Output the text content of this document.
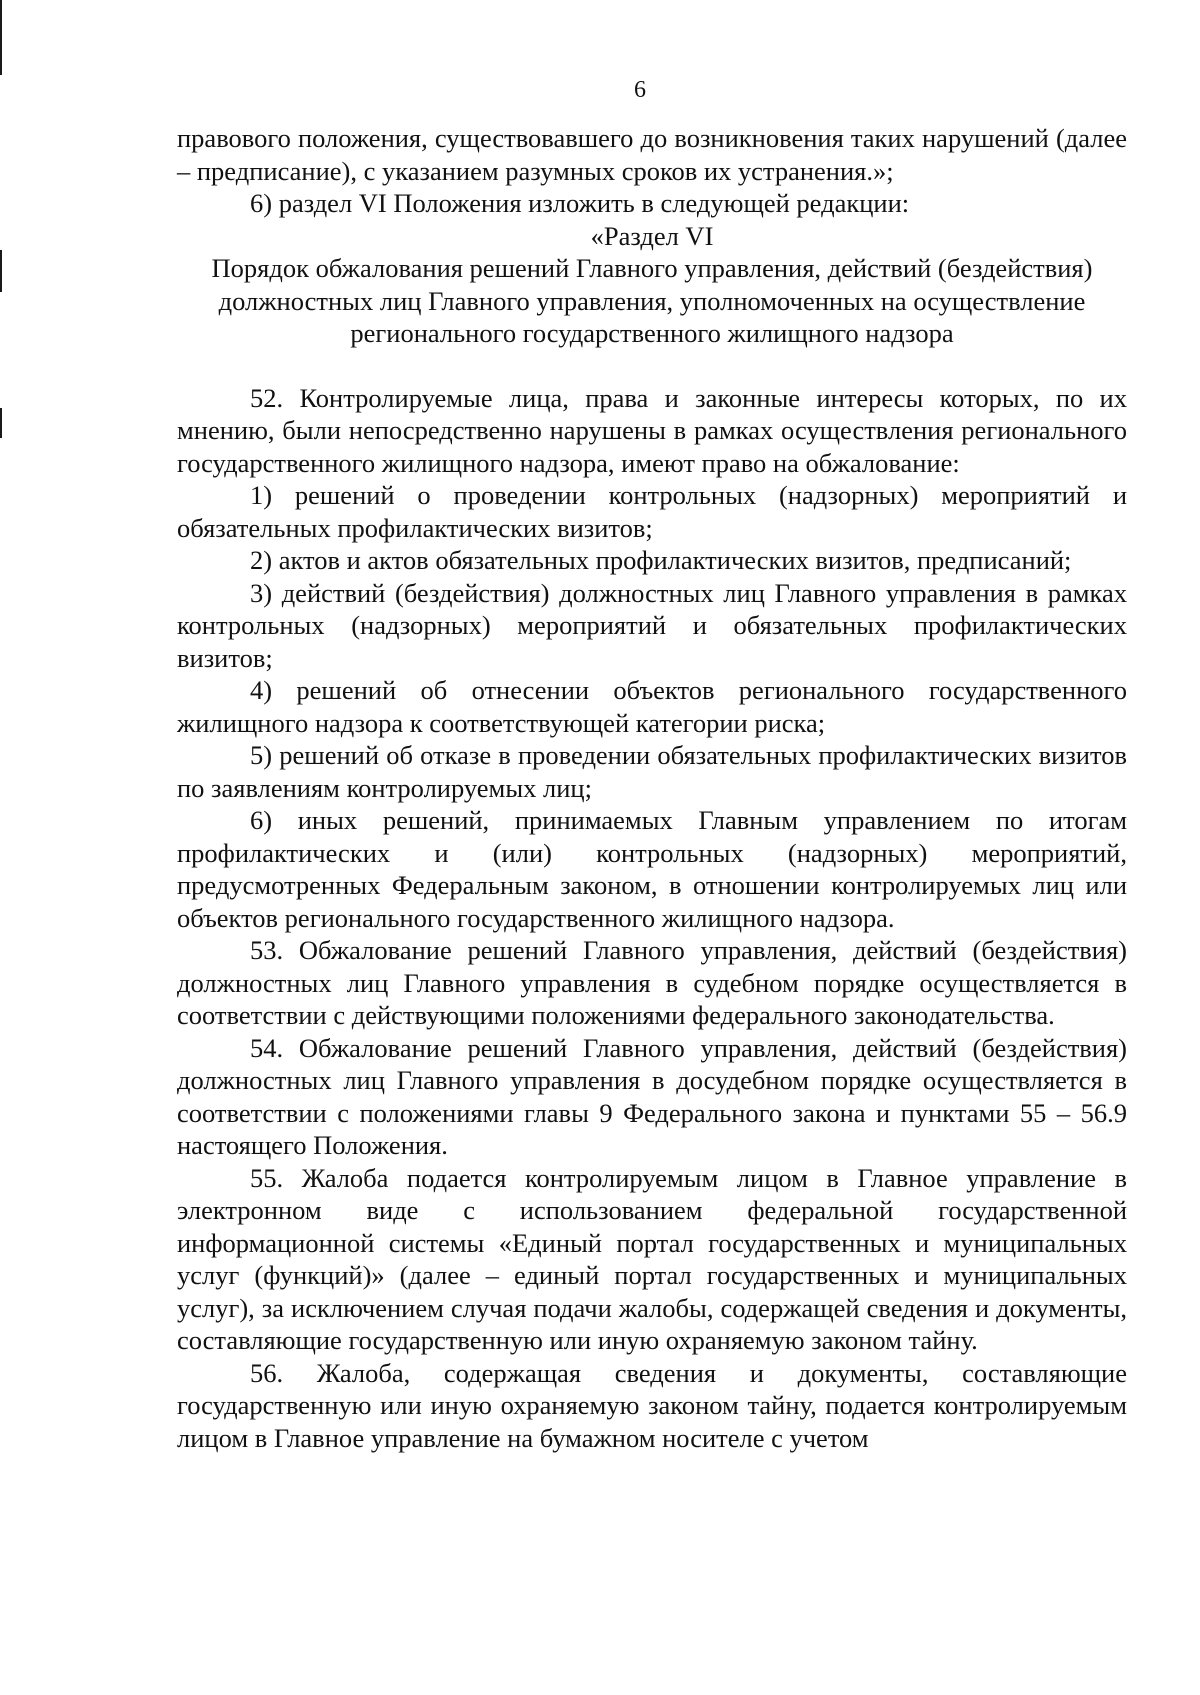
6

правового положения, существовавшего до возникновения таких нарушений (далее – предписание), с указанием разумных сроков их устранения.»;

6) раздел VI Положения изложить в следующей редакции:

«Раздел VI

Порядок обжалования решений Главного управления, действий (бездействия)

должностных лиц Главного управления, уполномоченных на осуществление

регионального государственного жилищного надзора

52. Контролируемые лица, права и законные интересы которых, по их мнению, были непосредственно нарушены в рамках осуществления регионального государственного жилищного надзора, имеют право на обжалование:

1) решений о проведении контрольных (надзорных) мероприятий и обязательных профилактических визитов;

2) актов и актов обязательных профилактических визитов, предписаний;

3) действий (бездействия) должностных лиц Главного управления в рамках контрольных (надзорных) мероприятий и обязательных профилактических визитов;

4) решений об отнесении объектов регионального государственного жилищного надзора к соответствующей категории риска;

5) решений об отказе в проведении обязательных профилактических визитов по заявлениям контролируемых лиц;

6) иных решений, принимаемых Главным управлением по итогам профилактических и (или) контрольных (надзорных) мероприятий, предусмотренных Федеральным законом, в отношении контролируемых лиц или объектов регионального государственного жилищного надзора.

53. Обжалование решений Главного управления, действий (бездействия) должностных лиц Главного управления в судебном порядке осуществляется в соответствии с действующими положениями федерального законодательства.

54. Обжалование решений Главного управления, действий (бездействия) должностных лиц Главного управления в досудебном порядке осуществляется в соответствии с положениями главы 9 Федерального закона и пунктами 55 – 56.9 настоящего Положения.

55. Жалоба подается контролируемым лицом в Главное управление в электронном виде с использованием федеральной государственной информационной системы «Единый портал государственных и муниципальных услуг (функций)» (далее – единый портал государственных и муниципальных услуг), за исключением случая подачи жалобы, содержащей сведения и документы, составляющие государственную или иную охраняемую законом тайну.

56. Жалоба, содержащая сведения и документы, составляющие государственную или иную охраняемую законом тайну, подается контролируемым лицом в Главное управление на бумажном носителе с учетом
